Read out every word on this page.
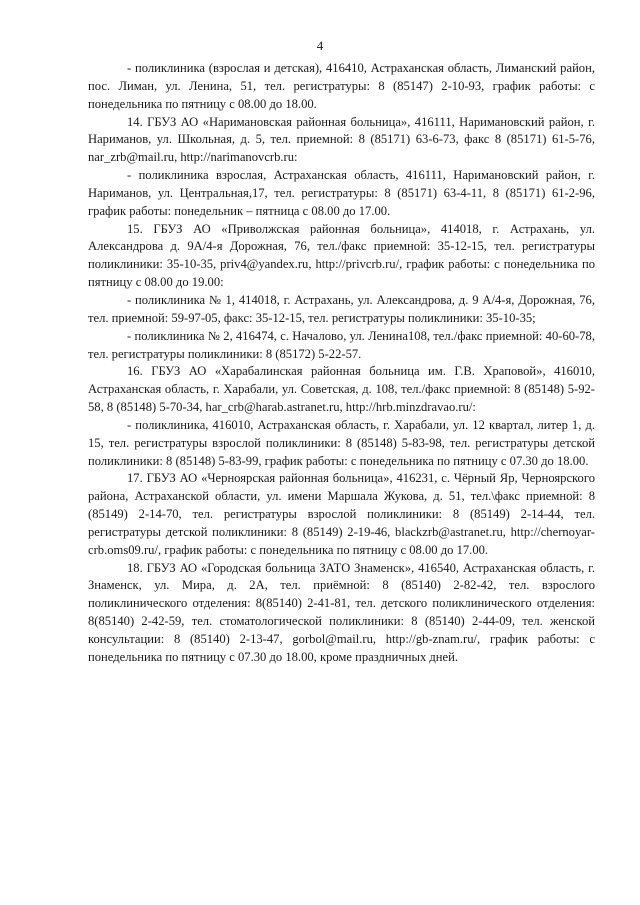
4

- поликлиника (взрослая и детская), 416410, Астраханская область, Лиманский район, пос. Лиман, ул. Ленина, 51, тел. регистратуры: 8 (85147) 2-10-93, график работы: с понедельника по пятницу с 08.00 до 18.00.

14. ГБУЗ АО «Наримановская районная больница», 416111, Наримановский район, г. Нариманов, ул. Школьная, д. 5, тел. приемной: 8 (85171) 63-6-73, факс 8 (85171) 61-5-76, nar_zrb@mail.ru, http://narimanovcrb.ru:

- поликлиника взрослая, Астраханская область, 416111, Наримановский район, г. Нариманов, ул. Центральная,17, тел. регистратуры: 8 (85171) 63-4-11, 8 (85171) 61-2-96, график работы: понедельник – пятница с 08.00 до 17.00.

15. ГБУЗ АО «Приволжская районная больница», 414018, г. Астрахань, ул. Александрова д. 9А/4-я Дорожная, 76, тел./факс приемной: 35-12-15, тел. регистратуры поликлиники: 35-10-35, priv4@yandex.ru, http://privcrb.ru/, график работы: с понедельника по пятницу с 08.00 до 19.00:

- поликлиника № 1, 414018, г. Астрахань, ул. Александрова, д. 9 А/4-я, Дорожная, 76, тел. приемной: 59-97-05, факс: 35-12-15, тел. регистратуры поликлиники: 35-10-35;

- поликлиника № 2, 416474, с. Началово, ул. Ленина108, тел./факс приемной: 40-60-78, тел. регистратуры поликлиники: 8 (85172) 5-22-57.

16. ГБУЗ АО «Харабалинская районная больница им. Г.В. Храповой», 416010, Астраханская область, г. Харабали, ул. Советская, д. 108, тел./факс приемной: 8 (85148) 5-92-58, 8 (85148) 5-70-34, har_crb@harab.astranet.ru, http://hrb.minzdravao.ru/:

- поликлиника, 416010, Астраханская область, г. Харабали, ул. 12 квартал, литер 1, д. 15, тел. регистратуры взрослой поликлиники: 8 (85148) 5-83-98, тел. регистратуры детской поликлиники: 8 (85148) 5-83-99, график работы: с понедельника по пятницу с 07.30 до 18.00.

17. ГБУЗ АО «Черноярская районная больница», 416231, с. Чёрный Яр, Черноярского района, Астраханской области, ул. имени Маршала Жукова, д. 51, тел.\факс приемной: 8 (85149) 2-14-70, тел. регистратуры взрослой поликлиники: 8 (85149) 2-14-44, тел. регистратуры детской поликлиники: 8 (85149) 2-19-46, blackzrb@astranet.ru, http://chernoyar-crb.oms09.ru/, график работы: с понедельника по пятницу с 08.00 до 17.00.

18. ГБУЗ АО «Городская больница ЗАТО Знаменск», 416540, Астраханская область, г. Знаменск, ул. Мира, д. 2А, тел. приёмной: 8 (85140) 2-82-42, тел. взрослого поликлинического отделения: 8(85140) 2-41-81, тел. детского поликлинического отделения: 8(85140) 2-42-59, тел. стоматологической поликлиники: 8 (85140) 2-44-09, тел. женской консультации: 8 (85140) 2-13-47, gorbol@mail.ru, http://gb-znam.ru/, график работы: с понедельника по пятницу с 07.30 до 18.00, кроме праздничных дней.
